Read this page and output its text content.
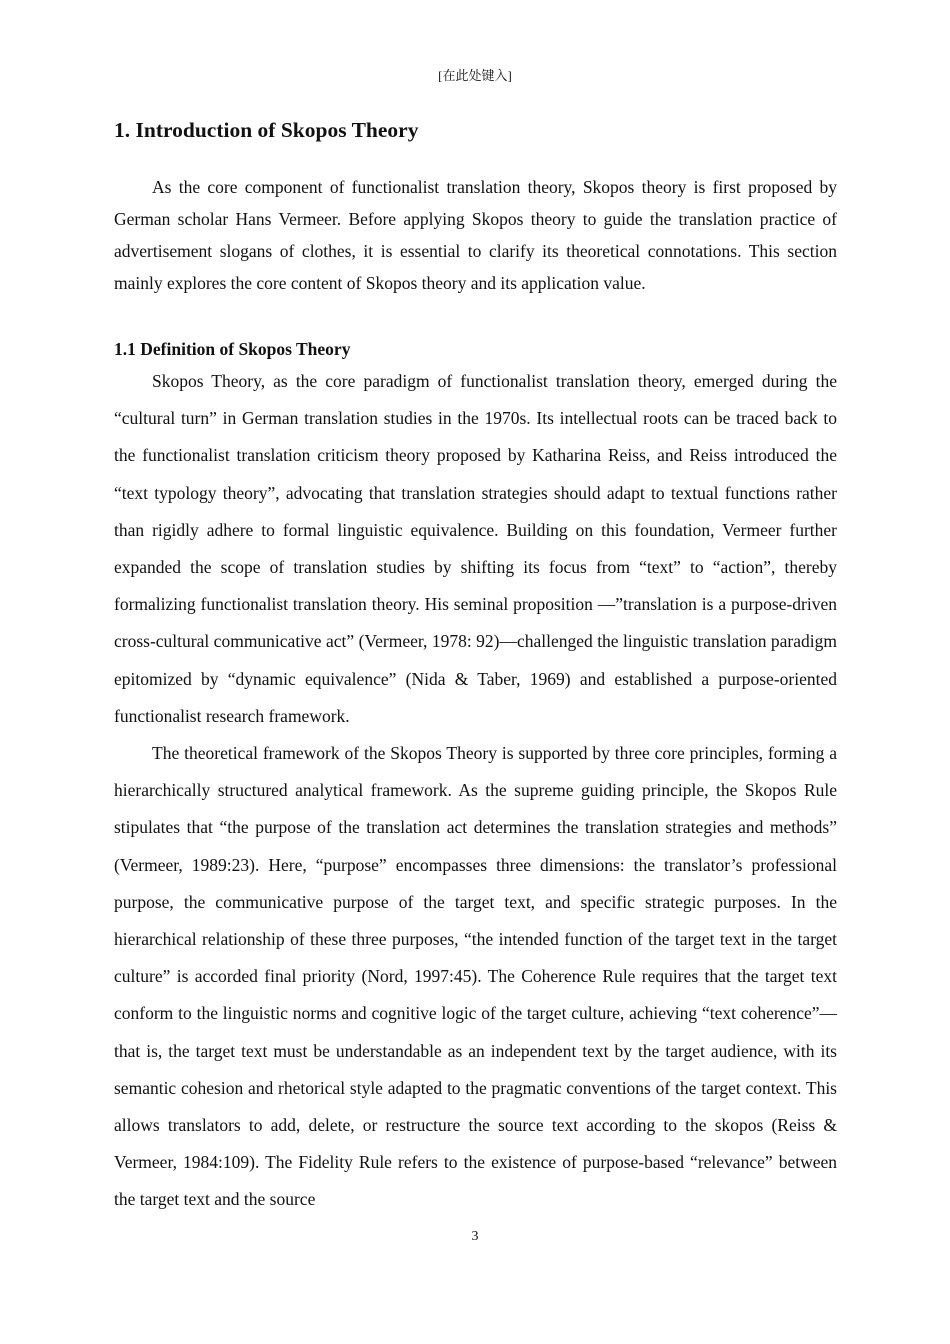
[在此处键入]
1. Introduction of Skopos Theory

As the core component of functionalist translation theory, Skopos theory is first proposed by German scholar Hans Vermeer. Before applying Skopos theory to guide the translation practice of advertisement slogans of clothes, it is essential to clarify its theoretical connotations. This section mainly explores the core content of Skopos theory and its application value.

1.1 Definition of Skopos Theory

Skopos Theory, as the core paradigm of functionalist translation theory, emerged during the “cultural turn” in German translation studies in the 1970s. Its intellectual roots can be traced back to the functionalist translation criticism theory proposed by Katharina Reiss, and Reiss introduced the “text typology theory”, advocating that translation strategies should adapt to textual functions rather than rigidly adhere to formal linguistic equivalence. Building on this foundation, Vermeer further expanded the scope of translation studies by shifting its focus from “text” to “action”, thereby formalizing functionalist translation theory. His seminal proposition —”translation is a purpose-driven cross-cultural communicative act” (Vermeer, 1978: 92)—challenged the linguistic translation paradigm epitomized by “dynamic equivalence” (Nida & Taber, 1969) and established a purpose-oriented functionalist research framework.

The theoretical framework of the Skopos Theory is supported by three core principles, forming a hierarchically structured analytical framework. As the supreme guiding principle, the Skopos Rule stipulates that “the purpose of the translation act determines the translation strategies and methods” (Vermeer, 1989:23). Here, “purpose” encompasses three dimensions: the translator’s professional purpose, the communicative purpose of the target text, and specific strategic purposes. In the hierarchical relationship of these three purposes, “the intended function of the target text in the target culture” is accorded final priority (Nord, 1997:45). The Coherence Rule requires that the target text conform to the linguistic norms and cognitive logic of the target culture, achieving “text coherence”—that is, the target text must be understandable as an independent text by the target audience, with its semantic cohesion and rhetorical style adapted to the pragmatic conventions of the target context. This allows translators to add, delete, or restructure the source text according to the skopos (Reiss & Vermeer, 1984:109). The Fidelity Rule refers to the existence of purpose-based “relevance” between the target text and the source

3
